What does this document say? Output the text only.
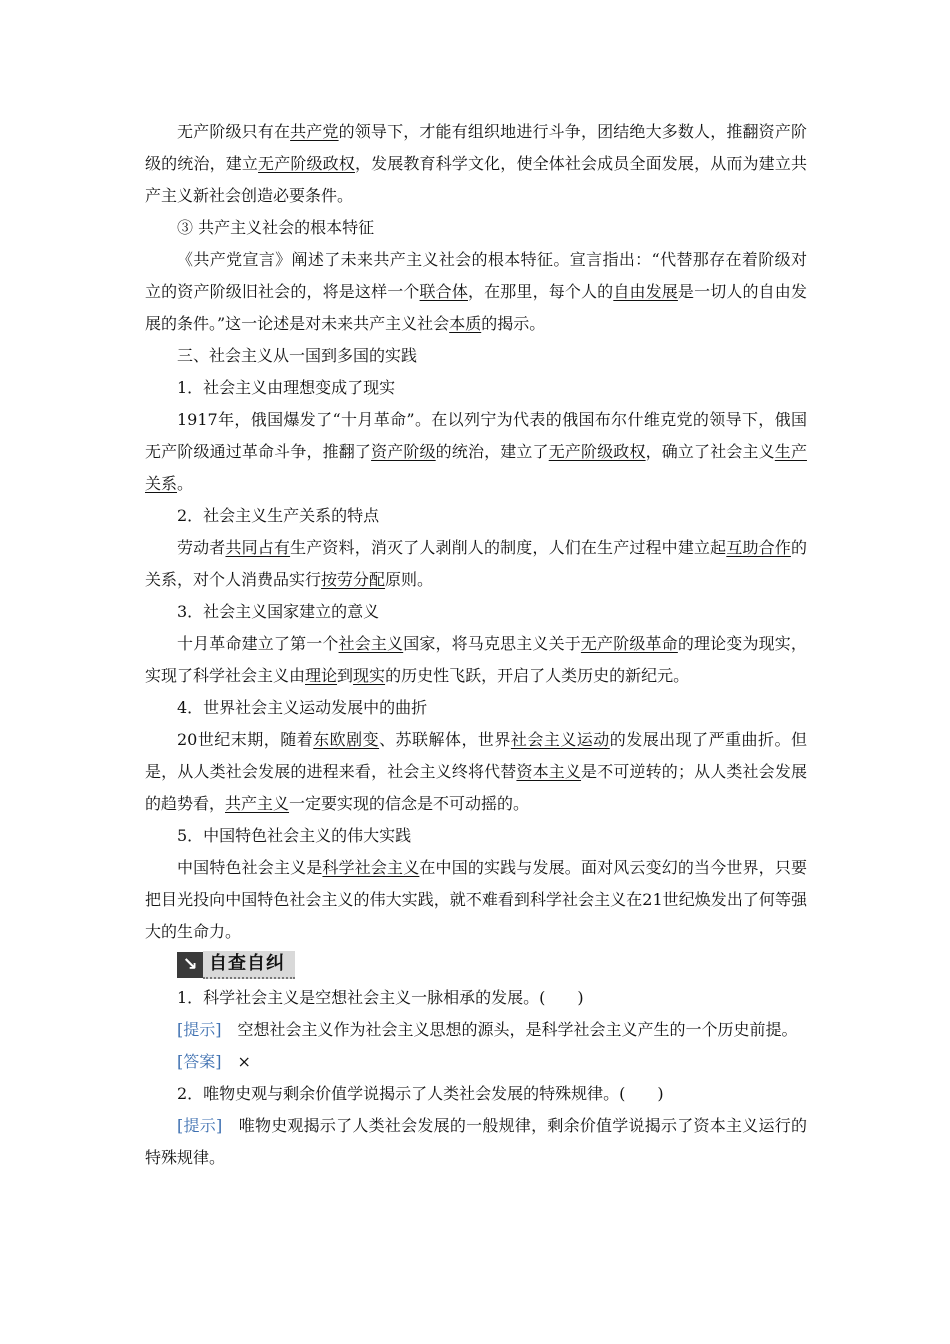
无产阶级只有在共产党的领导下，才能有组织地进行斗争，团结绝大多数人，推翻资产阶级的统治，建立无产阶级政权，发展教育科学文化，使全体社会成员全面发展，从而为建立共产主义新社会创造必要条件。

③ 共产主义社会的根本特征

《共产党宣言》阐述了未来共产主义社会的根本特征。宣言指出：“代替那存在着阶级对立的资产阶级旧社会的，将是这样一个联合体，在那里，每个人的自由发展是一切人的自由发展的条件。”这一论述是对未来共产主义社会本质的揭示。

三、社会主义从一国到多国的实践

1．社会主义由理想变成了现实

1917年，俄国爆发了“十月革命”。在以列宁为代表的俄国布尔什维克党的领导下，俄国无产阶级通过革命斗争，推翻了资产阶级的统治，建立了无产阶级政权，确立了社会主义生产关系。

2．社会主义生产关系的特点

劳动者共同占有生产资料，消灭了人剥削人的制度，人们在生产过程中建立起互助合作的关系，对个人消费品实行按劳分配原则。

3．社会主义国家建立的意义

十月革命建立了第一个社会主义国家，将马克思主义关于无产阶级革命的理论变为现实，实现了科学社会主义由理论到现实的历史性飞跃，开启了人类历史的新纪元。

4．世界社会主义运动发展中的曲折

20世纪末期，随着东欧剧变、苏联解体，世界社会主义运动的发展出现了严重曲折。但是，从人类社会发展的进程来看，社会主义终将代替资本主义是不可逆转的；从人类社会发展的趋势看，共产主义一定要实现的信念是不可动摇的。

5．中国特色社会主义的伟大实践

中国特色社会主义是科学社会主义在中国的实践与发展。面对风云变幻的当今世界，只要把目光投向中国特色社会主义的伟大实践，就不难看到科学社会主义在21世纪焕发出了何等强大的生命力。

↘ 自查自纠

1．科学社会主义是空想社会主义一脉相承的发展。(　　)

[提示]　空想社会主义作为社会主义思想的源头，是科学社会主义产生的一个历史前提。

[答案]　×

2．唯物史观与剩余价值学说揭示了人类社会发展的特殊规律。(　　)

[提示]　唯物史观揭示了人类社会发展的一般规律，剩余价值学说揭示了资本主义运行的特殊规律。
